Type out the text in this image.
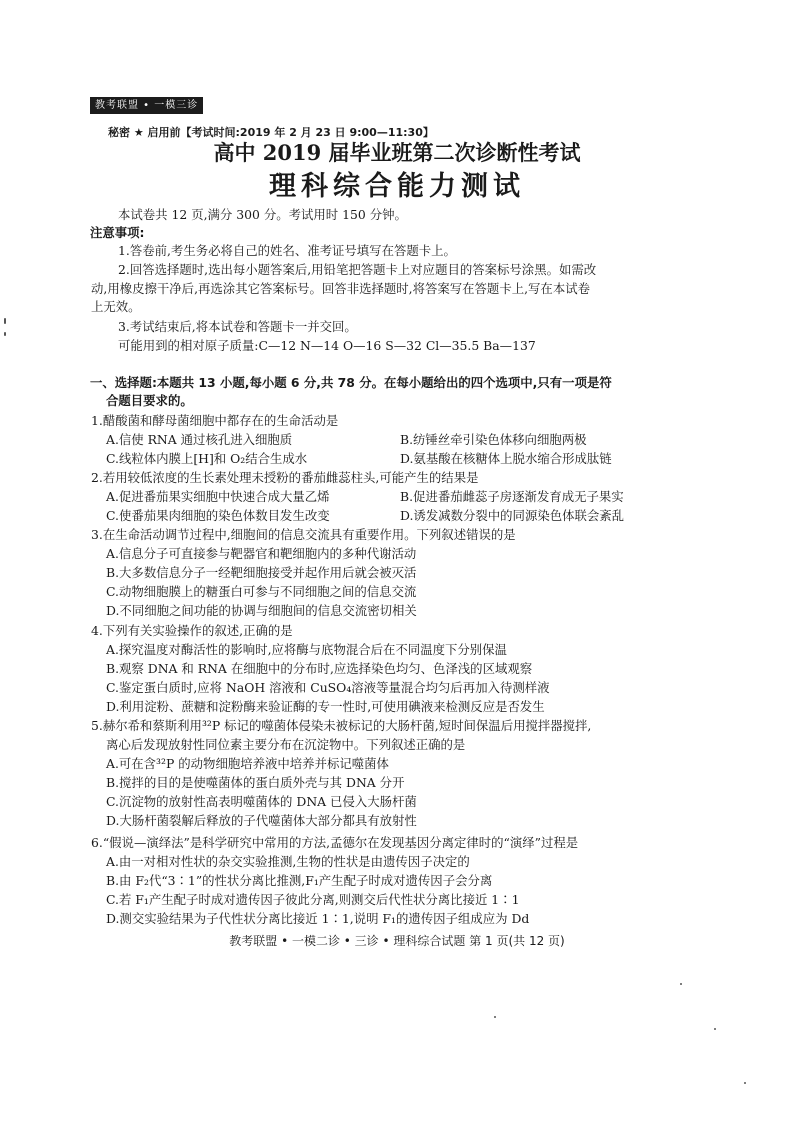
教考联盟 • 一模三诊
秘密 ★ 启用前【考试时间:2019 年 2 月 23 日 9:00—11:30】
高中 2019 届毕业班第二次诊断性考试
理科综合能力测试
本试卷共 12 页,满分 300 分。考试用时 150 分钟。
注意事项:
1.答卷前,考生务必将自己的姓名、准考证号填写在答题卡上。
2.回答选择题时,选出每小题答案后,用铅笔把答题卡上对应题目的答案标号涂黑。如需改
动,用橡皮擦干净后,再选涂其它答案标号。回答非选择题时,将答案写在答题卡上,写在本试卷
上无效。
3.考试结束后,将本试卷和答题卡一并交回。
可能用到的相对原子质量:C—12 N—14 O—16 S—32 Cl—35.5 Ba—137
一、选择题:本题共 13 小题,每小题 6 分,共 78 分。在每小题给出的四个选项中,只有一项是符
合题目要求的。
1.醋酸菌和酵母菌细胞中都存在的生命活动是
A.信使 RNA 通过核孔进入细胞质	B.纺锤丝牵引染色体移向细胞两极
C.线粒体内膜上[H]和 O₂结合生成水	D.氨基酸在核糖体上脱水缩合形成肽链
2.若用较低浓度的生长素处理未授粉的番茄雌蕊柱头,可能产生的结果是
A.促进番茄果实细胞中快速合成大量乙烯	B.促进番茄雌蕊子房逐渐发育成无子果实
C.使番茄果肉细胞的染色体数目发生改变	D.诱发减数分裂中的同源染色体联会紊乱
3.在生命活动调节过程中,细胞间的信息交流具有重要作用。下列叙述错误的是
A.信息分子可直接参与靶器官和靶细胞内的多种代谢活动
B.大多数信息分子一经靶细胞接受并起作用后就会被灭活
C.动物细胞膜上的糖蛋白可参与不同细胞之间的信息交流
D.不同细胞之间功能的协调与细胞间的信息交流密切相关
4.下列有关实验操作的叙述,正确的是
A.探究温度对酶活性的影响时,应将酶与底物混合后在不同温度下分别保温
B.观察 DNA 和 RNA 在细胞中的分布时,应选择染色均匀、色泽浅的区域观察
C.鉴定蛋白质时,应将 NaOH 溶液和 CuSO₄溶液等量混合均匀后再加入待测样液
D.利用淀粉、蔗糖和淀粉酶来验证酶的专一性时,可使用碘液来检测反应是否发生
5.赫尔希和蔡斯利用³²P 标记的噬菌体侵染未被标记的大肠杆菌,短时间保温后用搅拌器搅拌,
离心后发现放射性同位素主要分布在沉淀物中。下列叙述正确的是
A.可在含³²P 的动物细胞培养液中培养并标记噬菌体
B.搅拌的目的是使噬菌体的蛋白质外壳与其 DNA 分开
C.沉淀物的放射性高表明噬菌体的 DNA 已侵入大肠杆菌
D.大肠杆菌裂解后释放的子代噬菌体大部分都具有放射性
6.“假说—演绎法”是科学研究中常用的方法,孟德尔在发现基因分离定律时的“演绎”过程是
A.由一对相对性状的杂交实验推测,生物的性状是由遗传因子决定的
B.由 F₂代“3∶1”的性状分离比推测,F₁产生配子时成对遗传因子会分离
C.若 F₁产生配子时成对遗传因子彼此分离,则测交后代性状分离比接近 1∶1
D.测交实验结果为子代性状分离比接近 1∶1,说明 F₁的遗传因子组成应为 Dd
教考联盟 • 一模二诊 • 三诊 • 理科综合试题 第 1 页(共 12 页)
